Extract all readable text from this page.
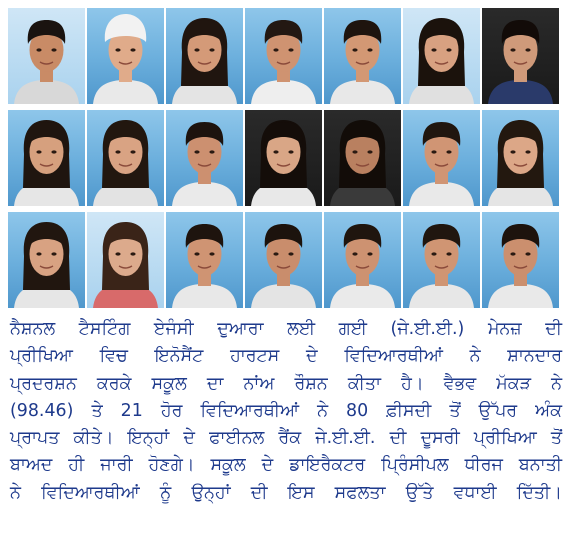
ਨੈਸ਼ਨਲ ਟੈਸਟਿੰਗ ਏਜੰਸੀ ਦੁਆਰਾ ਲਈ ਗਈ (ਜੇ.ਈ.ਈ.) ਮੇਨਜ਼ ਦੀ
ਪ੍ਰੀਖਿਆ ਵਿਚ ਇਨੋਸੈਂਟ ਹਾਰਟਸ ਦੇ ਵਿਦਿਆਰਥੀਆਂ ਨੇ ਸ਼ਾਨਦਾਰ
ਪ੍ਰਦਰਸ਼ਨ ਕਰਕੇ ਸਕੂਲ ਦਾ ਨਾਂਅ ਰੌਸ਼ਨ ਕੀਤਾ ਹੈ। ਵੈਭਵ ਮੱਕੜ ਨੇ
(98.46) ਤੇ 21 ਹੋਰ ਵਿਦਿਆਰਥੀਆਂ ਨੇ 80 ਫ਼ੀਸਦੀ ਤੋਂ ਉੱਪਰ ਅੰਕ
ਪ੍ਰਾਪਤ ਕੀਤੇ। ਇਨ੍ਹਾਂ ਦੇ ਫਾਈਨਲ ਰੈਂਕ ਜੇ.ਈ.ਈ. ਦੀ ਦੂਸਰੀ ਪ੍ਰੀਖਿਆ ਤੋਂ
ਬਾਅਦ ਹੀ ਜਾਰੀ ਹੋਣਗੇ। ਸਕੂਲ ਦੇ ਡਾਇਰੈਕਟਰ ਪ੍ਰਿੰਸੀਪਲ ਧੀਰਜ ਬਨਾਤੀ
ਨੇ ਵਿਦਿਆਰਥੀਆਂ ਨੂੰ ਉਨ੍ਹਾਂ ਦੀ ਇਸ ਸਫਲਤਾ ਉੱਤੇ ਵਧਾਈ ਦਿੱਤੀ।
